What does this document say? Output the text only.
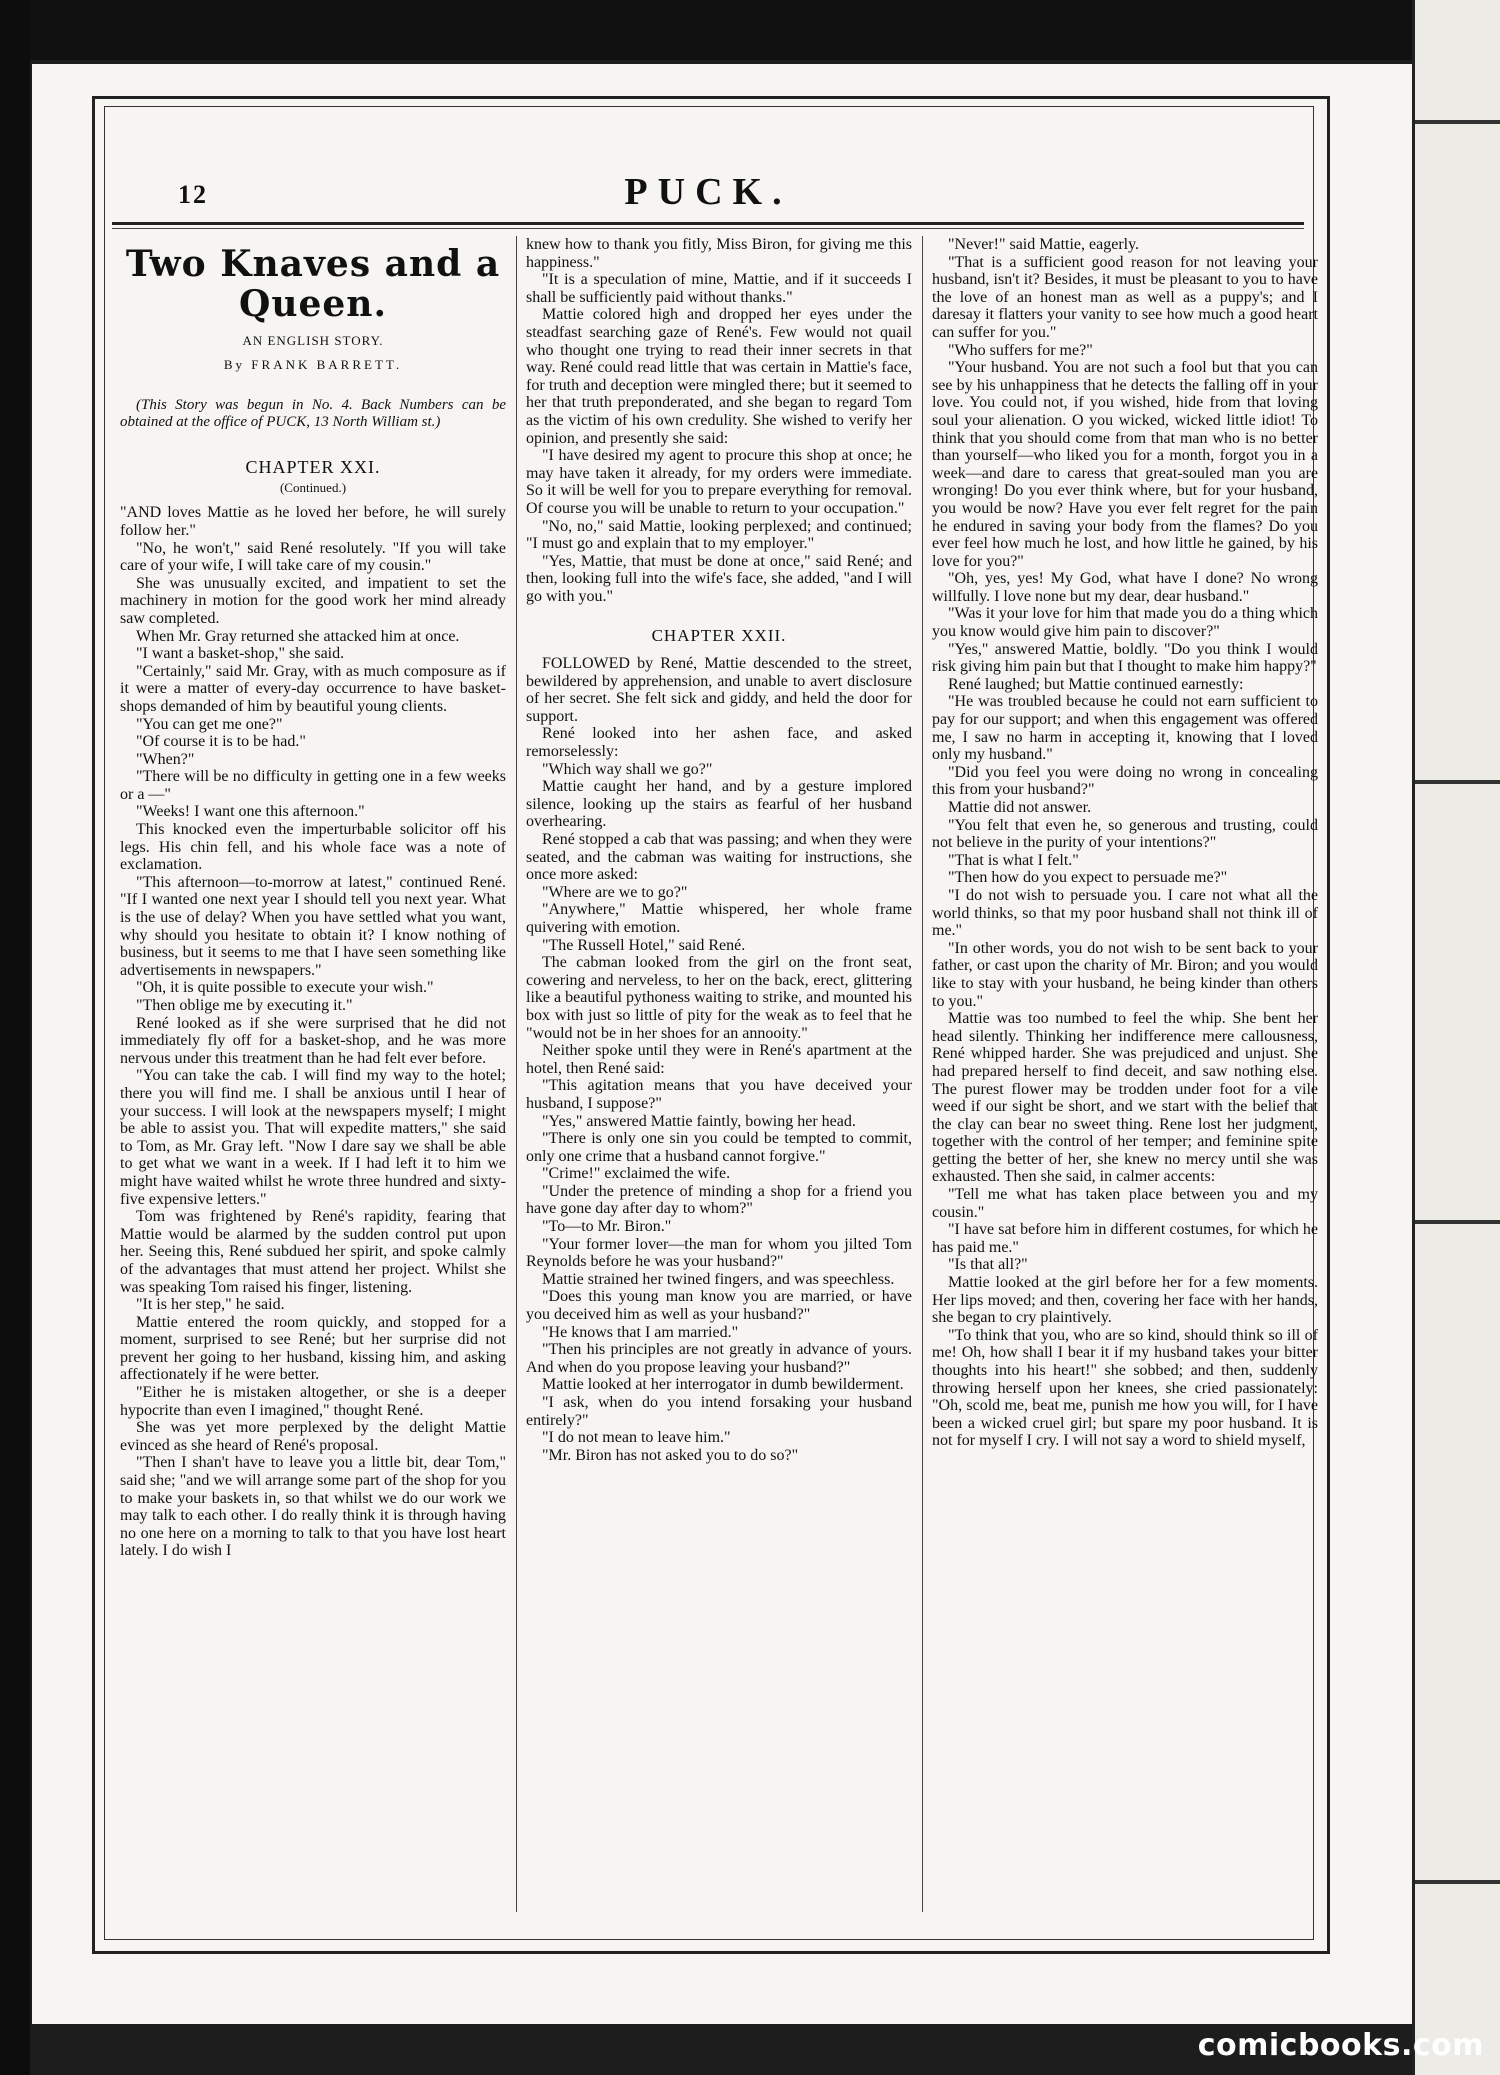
12	PUCK.
Two Knaves and a Queen.
AN ENGLISH STORY.
By FRANK BARRETT.
(This Story was begun in No. 4. Back Numbers can be obtained at the office of PUCK, 13 North William st.)
CHAPTER XXI.
(Continued.)

"AND loves Mattie as he loved her before, he will surely follow her."

"No, he won't," said René resolutely. "If you will take care of your wife, I will take care of my cousin."

She was unusually excited, and impatient to set the machinery in motion for the good work her mind already saw completed.

When Mr. Gray returned she attacked him at once.

"I want a basket-shop," she said.

"Certainly," said Mr. Gray, with as much composure as if it were a matter of every-day occurrence to have basket-shops demanded of him by beautiful young clients.

"You can get me one?"

"Of course it is to be had."

"When?"

"There will be no difficulty in getting one in a few weeks or a —"

"Weeks! I want one this afternoon."

This knocked even the imperturbable solicitor off his legs. His chin fell, and his whole face was a note of exclamation.

"This afternoon—to-morrow at latest," continued René. "If I wanted one next year I should tell you next year. What is the use of delay? When you have settled what you want, why should you hesitate to obtain it? I know nothing of business, but it seems to me that I have seen something like advertisements in newspapers."

"Oh, it is quite possible to execute your wish."

"Then oblige me by executing it."

René looked as if she were surprised that he did not immediately fly off for a basket-shop, and he was more nervous under this treatment than he had felt ever before.

"You can take the cab. I will find my way to the hotel; there you will find me. I shall be anxious until I hear of your success. I will look at the newspapers myself; I might be able to assist you. That will expedite matters," she said to Tom, as Mr. Gray left. "Now I dare say we shall be able to get what we want in a week. If I had left it to him we might have waited whilst he wrote three hundred and sixty-five expensive letters."

Tom was frightened by René's rapidity, fearing that Mattie would be alarmed by the sudden control put upon her. Seeing this, René subdued her spirit, and spoke calmly of the advantages that must attend her project. Whilst she was speaking Tom raised his finger, listening.

"It is her step," he said.

Mattie entered the room quickly, and stopped for a moment, surprised to see René; but her surprise did not prevent her going to her husband, kissing him, and asking affectionately if he were better.

"Either he is mistaken altogether, or she is a deeper hypocrite than even I imagined," thought René.

She was yet more perplexed by the delight Mattie evinced as she heard of René's proposal.

"Then I shan't have to leave you a little bit, dear Tom," said she; "and we will arrange some part of the shop for you to make your baskets in, so that whilst we do our work we may talk to each other. I do really think it is through having no one here on a morning to talk to that you have lost heart lately. I do wish I

knew how to thank you fitly, Miss Biron, for giving me this happiness."

"It is a speculation of mine, Mattie, and if it succeeds I shall be sufficiently paid without thanks."

Mattie colored high and dropped her eyes under the steadfast searching gaze of René's. Few would not quail who thought one trying to read their inner secrets in that way. René could read little that was certain in Mattie's face, for truth and deception were mingled there; but it seemed to her that truth preponderated, and she began to regard Tom as the victim of his own credulity. She wished to verify her opinion, and presently she said:

"I have desired my agent to procure this shop at once; he may have taken it already, for my orders were immediate. So it will be well for you to prepare everything for removal. Of course you will be unable to return to your occupation."

"No, no," said Mattie, looking perplexed; and continued; "I must go and explain that to my employer."

"Yes, Mattie, that must be done at once," said René; and then, looking full into the wife's face, she added, "and I will go with you."

CHAPTER XXII.

FOLLOWED by René, Mattie descended to the street, bewildered by apprehension, and unable to avert disclosure of her secret. She felt sick and giddy, and held the door for support.

René looked into her ashen face, and asked remorselessly:

"Which way shall we go?"

Mattie caught her hand, and by a gesture implored silence, looking up the stairs as fearful of her husband overhearing.

René stopped a cab that was passing; and when they were seated, and the cabman was waiting for instructions, she once more asked:

"Where are we to go?"

"Anywhere," Mattie whispered, her whole frame quivering with emotion.

"The Russell Hotel," said René.

The cabman looked from the girl on the front seat, cowering and nerveless, to her on the back, erect, glittering like a beautiful pythoness waiting to strike, and mounted his box with just so little of pity for the weak as to feel that he "would not be in her shoes for an annooity."

Neither spoke until they were in René's apartment at the hotel, then René said:

"This agitation means that you have deceived your husband, I suppose?"

"Yes," answered Mattie faintly, bowing her head.

"There is only one sin you could be tempted to commit, only one crime that a husband cannot forgive."

"Crime!" exclaimed the wife.

"Under the pretence of minding a shop for a friend you have gone day after day to whom?"

"To—to Mr. Biron."

"Your former lover—the man for whom you jilted Tom Reynolds before he was your husband?"

Mattie strained her twined fingers, and was speechless.

"Does this young man know you are married, or have you deceived him as well as your husband?"

"He knows that I am married."

"Then his principles are not greatly in advance of yours. And when do you propose leaving your husband?"

Mattie looked at her interrogator in dumb bewilderment.

"I ask, when do you intend forsaking your husband entirely?"

"I do not mean to leave him."

"Mr. Biron has not asked you to do so?"

"Never!" said Mattie, eagerly.

"That is a sufficient good reason for not leaving your husband, isn't it? Besides, it must be pleasant to you to have the love of an honest man as well as a puppy's; and I daresay it flatters your vanity to see how much a good heart can suffer for you."

"Who suffers for me?"

"Your husband. You are not such a fool but that you can see by his unhappiness that he detects the falling off in your love. You could not, if you wished, hide from that loving soul your alienation. O you wicked, wicked little idiot! To think that you should come from that man who is no better than yourself—who liked you for a month, forgot you in a week—and dare to caress that great-souled man you are wronging! Do you ever think where, but for your husband, you would be now? Have you ever felt regret for the pain he endured in saving your body from the flames? Do you ever feel how much he lost, and how little he gained, by his love for you?"

"Oh, yes, yes! My God, what have I done? No wrong willfully. I love none but my dear, dear husband."

"Was it your love for him that made you do a thing which you know would give him pain to discover?"

"Yes," answered Mattie, boldly. "Do you think I would risk giving him pain but that I thought to make him happy?"

René laughed; but Mattie continued earnestly:

"He was troubled because he could not earn sufficient to pay for our support; and when this engagement was offered me, I saw no harm in accepting it, knowing that I loved only my husband."

"Did you feel you were doing no wrong in concealing this from your husband?"

Mattie did not answer.

"You felt that even he, so generous and trusting, could not believe in the purity of your intentions?"

"That is what I felt."

"Then how do you expect to persuade me?"

"I do not wish to persuade you. I care not what all the world thinks, so that my poor husband shall not think ill of me."

"In other words, you do not wish to be sent back to your father, or cast upon the charity of Mr. Biron; and you would like to stay with your husband, he being kinder than others to you."

Mattie was too numbed to feel the whip. She bent her head silently. Thinking her indifference mere callousness, René whipped harder. She was prejudiced and unjust. She had prepared herself to find deceit, and saw nothing else. The purest flower may be trodden under foot for a vile weed if our sight be short, and we start with the belief that the clay can bear no sweet thing. Rene lost her judgment, together with the control of her temper; and feminine spite getting the better of her, she knew no mercy until she was exhausted. Then she said, in calmer accents:

"Tell me what has taken place between you and my cousin."

"I have sat before him in different costumes, for which he has paid me."

"Is that all?"

Mattie looked at the girl before her for a few moments. Her lips moved; and then, covering her face with her hands, she began to cry plaintively.

"To think that you, who are so kind, should think so ill of me! Oh, how shall I bear it if my husband takes your bitter thoughts into his heart!" she sobbed; and then, suddenly throwing herself upon her knees, she cried passionately: "Oh, scold me, beat me, punish me how you will, for I have been a wicked cruel girl; but spare my poor husband. It is not for myself I cry. I will not say a word to shield myself,

comicbooks.com
